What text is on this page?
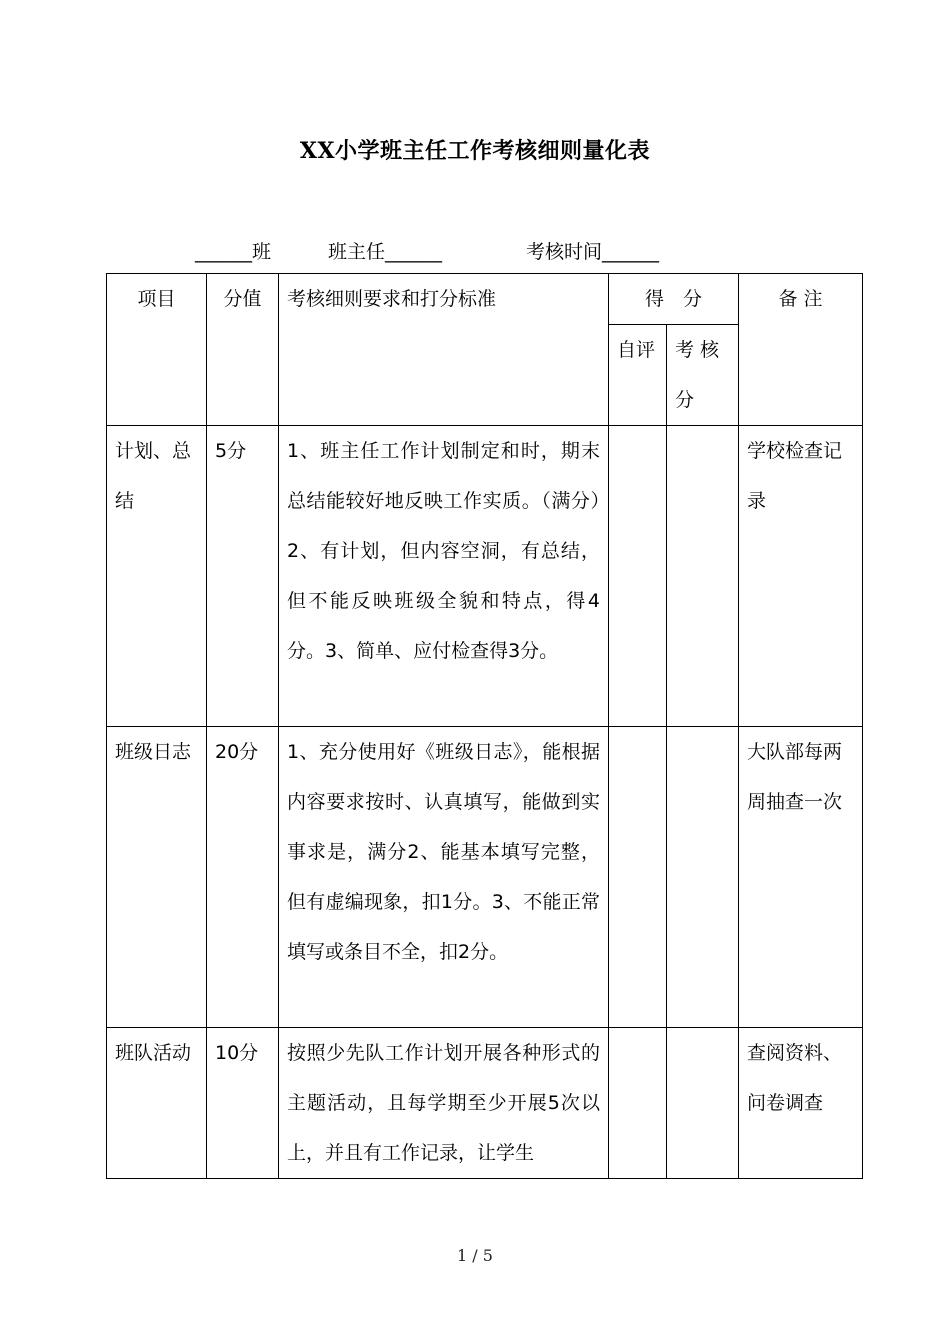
XX小学班主任工作考核细则量化表
______班	班主任______	考核时间______
项目	分值	考核细则要求和打分标准	得　分		备 注
			自评	考 核 分	
计划、总结	5分	1、班主任工作计划制定和时，期末总结能较好地反映工作实质。（满分）2、有计划，但内容空洞，有总结，但不能反映班级全貌和特点，得4分。3、简单、应付检查得3分。			学校检查记录
班级日志	20分	1、充分使用好《班级日志》，能根据内容要求按时、认真填写，能做到实事求是，满分2、能基本填写完整，但有虚编现象，扣1分。3、不能正常填写或条目不全，扣2分。			大队部每两周抽查一次
班队活动	10分	按照少先队工作计划开展各种形式的主题活动，且每学期至少开展5次以上，并且有工作记录，让学生			查阅资料、问卷调查
1 / 5
